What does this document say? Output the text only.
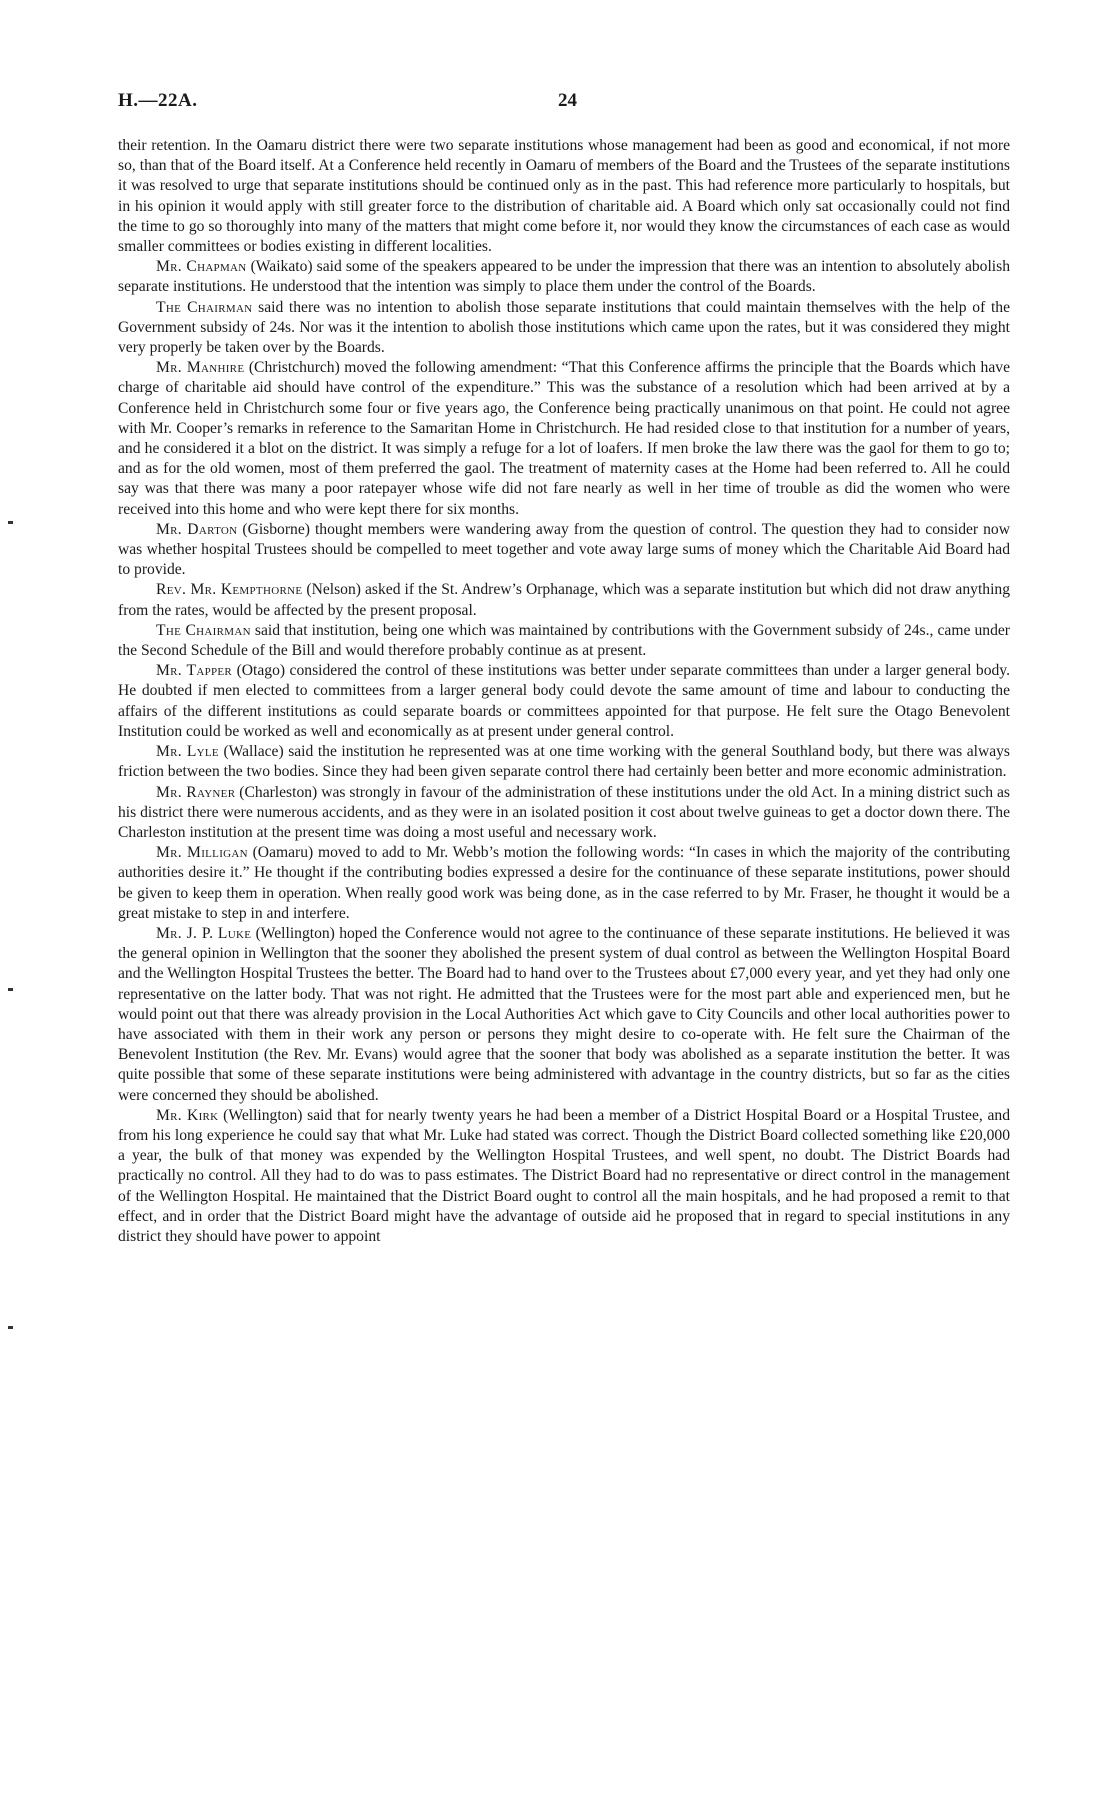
H.—22A.	24

their retention. In the Oamaru district there were two separate institutions whose management had been as good and economical, if not more so, than that of the Board itself. At a Conference held recently in Oamaru of members of the Board and the Trustees of the separate institutions it was resolved to urge that separate institutions should be continued only as in the past. This had reference more particularly to hospitals, but in his opinion it would apply with still greater force to the distribution of charitable aid. A Board which only sat occasionally could not find the time to go so thoroughly into many of the matters that might come before it, nor would they know the circumstances of each case as would smaller committees or bodies existing in different localities.

Mr. Chapman (Waikato) said some of the speakers appeared to be under the impression that there was an intention to absolutely abolish separate institutions. He understood that the intention was simply to place them under the control of the Boards.

The Chairman said there was no intention to abolish those separate institutions that could maintain themselves with the help of the Government subsidy of 24s. Nor was it the intention to abolish those institutions which came upon the rates, but it was considered they might very properly be taken over by the Boards.

Mr. Manhire (Christchurch) moved the following amendment: “That this Conference affirms the principle that the Boards which have charge of charitable aid should have control of the expenditure.” This was the substance of a resolution which had been arrived at by a Conference held in Christchurch some four or five years ago, the Conference being practically unanimous on that point. He could not agree with Mr. Cooper’s remarks in reference to the Samaritan Home in Christchurch. He had resided close to that institution for a number of years, and he considered it a blot on the district. It was simply a refuge for a lot of loafers. If men broke the law there was the gaol for them to go to; and as for the old women, most of them preferred the gaol. The treatment of maternity cases at the Home had been referred to. All he could say was that there was many a poor ratepayer whose wife did not fare nearly as well in her time of trouble as did the women who were received into this home and who were kept there for six months.

Mr. Darton (Gisborne) thought members were wandering away from the question of control. The question they had to consider now was whether hospital Trustees should be compelled to meet together and vote away large sums of money which the Charitable Aid Board had to provide.

Rev. Mr. Kempthorne (Nelson) asked if the St. Andrew’s Orphanage, which was a separate institution but which did not draw anything from the rates, would be affected by the present proposal.

The Chairman said that institution, being one which was maintained by contributions with the Government subsidy of 24s., came under the Second Schedule of the Bill and would therefore probably continue as at present.

Mr. Tapper (Otago) considered the control of these institutions was better under separate committees than under a larger general body. He doubted if men elected to committees from a larger general body could devote the same amount of time and labour to conducting the affairs of the different institutions as could separate boards or committees appointed for that purpose. He felt sure the Otago Benevolent Institution could be worked as well and economically as at present under general control.

Mr. Lyle (Wallace) said the institution he represented was at one time working with the general Southland body, but there was always friction between the two bodies. Since they had been given separate control there had certainly been better and more economic administration.

Mr. Rayner (Charleston) was strongly in favour of the administration of these institutions under the old Act. In a mining district such as his district there were numerous accidents, and as they were in an isolated position it cost about twelve guineas to get a doctor down there. The Charleston institution at the present time was doing a most useful and necessary work.

Mr. Milligan (Oamaru) moved to add to Mr. Webb’s motion the following words: “In cases in which the majority of the contributing authorities desire it.” He thought if the contributing bodies expressed a desire for the continuance of these separate institutions, power should be given to keep them in operation. When really good work was being done, as in the case referred to by Mr. Fraser, he thought it would be a great mistake to step in and interfere.

Mr. J. P. Luke (Wellington) hoped the Conference would not agree to the continuance of these separate institutions. He believed it was the general opinion in Wellington that the sooner they abolished the present system of dual control as between the Wellington Hospital Board and the Wellington Hospital Trustees the better. The Board had to hand over to the Trustees about £7,000 every year, and yet they had only one representative on the latter body. That was not right. He admitted that the Trustees were for the most part able and experienced men, but he would point out that there was already provision in the Local Authorities Act which gave to City Councils and other local authorities power to have associated with them in their work any person or persons they might desire to co-operate with. He felt sure the Chairman of the Benevolent Institution (the Rev. Mr. Evans) would agree that the sooner that body was abolished as a separate institution the better. It was quite possible that some of these separate institutions were being administered with advantage in the country districts, but so far as the cities were concerned they should be abolished.

Mr. Kirk (Wellington) said that for nearly twenty years he had been a member of a District Hospital Board or a Hospital Trustee, and from his long experience he could say that what Mr. Luke had stated was correct. Though the District Board collected something like £20,000 a year, the bulk of that money was expended by the Wellington Hospital Trustees, and well spent, no doubt. The District Boards had practically no control. All they had to do was to pass estimates. The District Board had no representative or direct control in the management of the Wellington Hospital. He maintained that the District Board ought to control all the main hospitals, and he had proposed a remit to that effect, and in order that the District Board might have the advantage of outside aid he proposed that in regard to special institutions in any district they should have power to appoint
